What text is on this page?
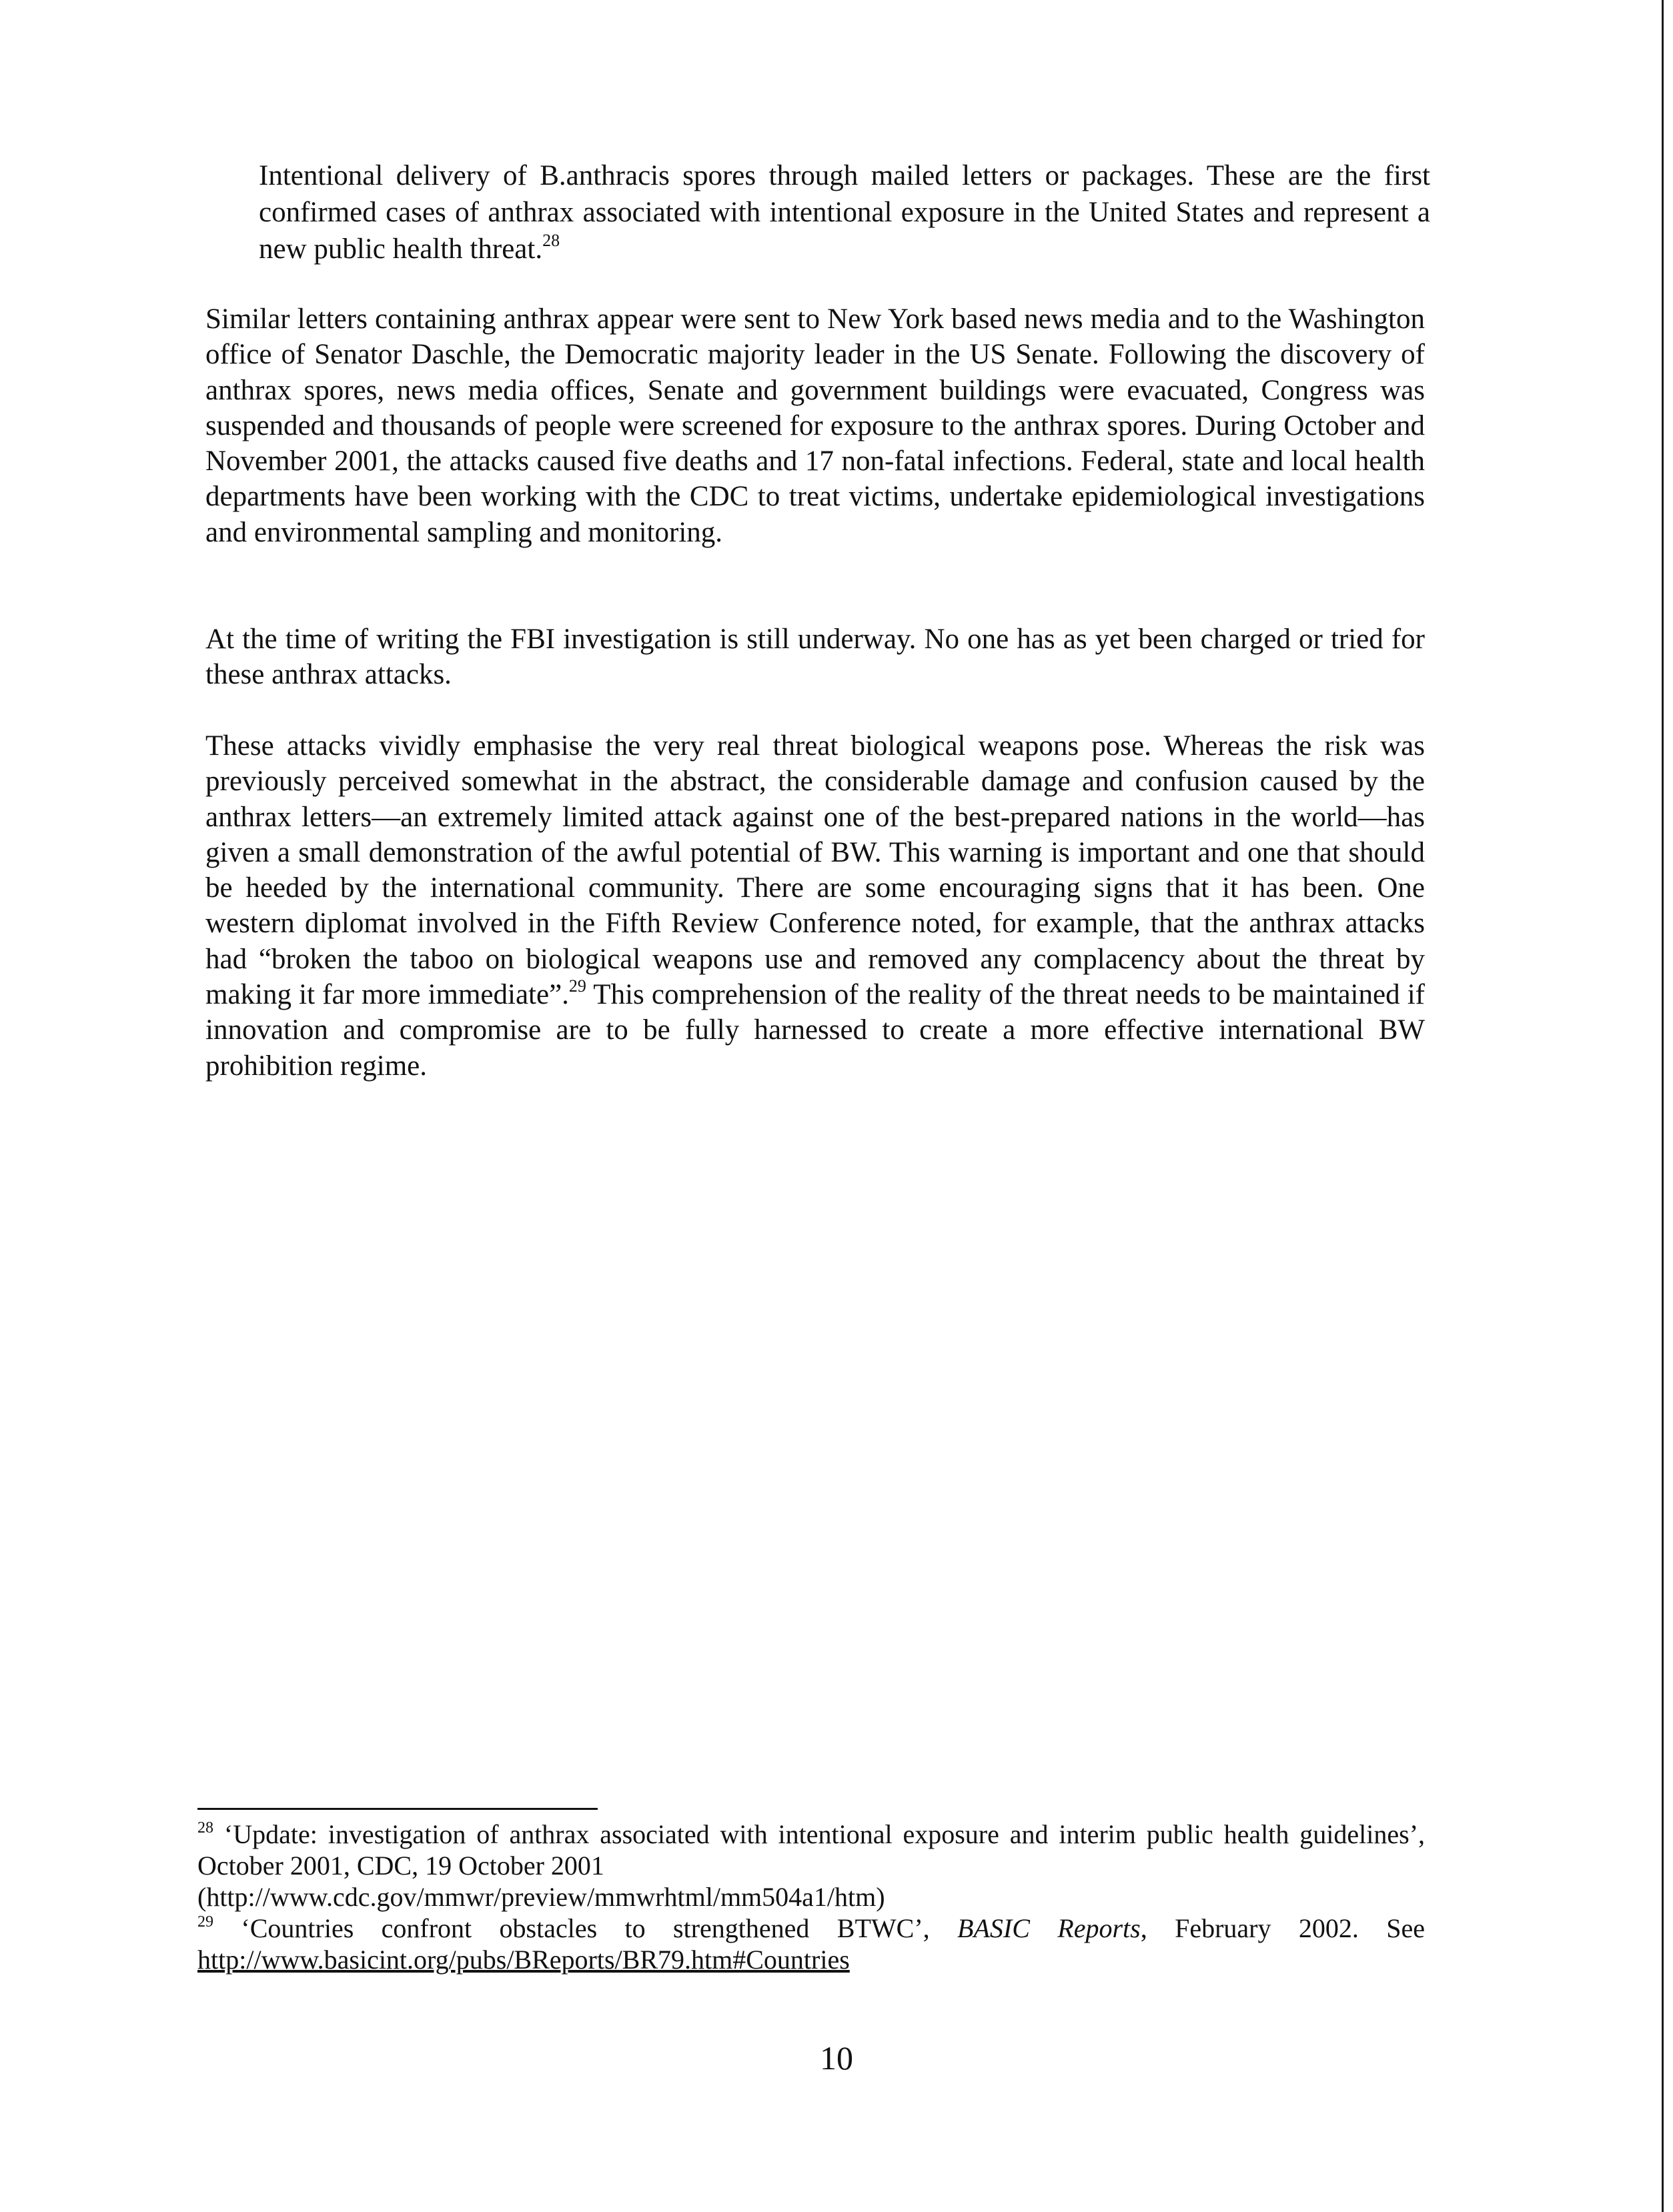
Intentional delivery of B.anthracis spores through mailed letters or packages. These are the first confirmed cases of anthrax associated with intentional exposure in the United States and represent a new public health threat.$^{28}$

Similar letters containing anthrax appear were sent to New York based news media and to the Washington office of Senator Daschle, the Democratic majority leader in the US Senate. Following the discovery of anthrax spores, news media offices, Senate and government buildings were evacuated, Congress was suspended and thousands of people were screened for exposure to the anthrax spores. During October and November 2001, the attacks caused five deaths and 17 non-fatal infections. Federal, state and local health departments have been working with the CDC to treat victims, undertake epidemiological investigations and environmental sampling and monitoring.

At the time of writing the FBI investigation is still underway. No one has as yet been charged or tried for these anthrax attacks.

These attacks vividly emphasise the very real threat biological weapons pose. Whereas the risk was previously perceived somewhat in the abstract, the considerable damage and confusion caused by the anthrax letters—an extremely limited attack against one of the best-prepared nations in the world—has given a small demonstration of the awful potential of BW. This warning is important and one that should be heeded by the international community. There are some encouraging signs that it has been. One western diplomat involved in the Fifth Review Conference noted, for example, that the anthrax attacks had “broken the taboo on biological weapons use and removed any complacency about the threat by making it far more immediate”.$^{29}$ This comprehension of the reality of the threat needs to be maintained if innovation and compromise are to be fully harnessed to create a more effective international BW prohibition regime.

$^{28}$ ‘Update: investigation of anthrax associated with intentional exposure and interim public health guidelines’, October 2001, CDC, 19 October 2001
(http://www.cdc.gov/mmwr/preview/mmwrhtml/mm504a1/htm)

$^{29}$ ‘Countries confront obstacles to strengthened BTWC’, BASIC Reports, February 2002. See http://www.basicint.org/pubs/BReports/BR79.htm#Countries

10
